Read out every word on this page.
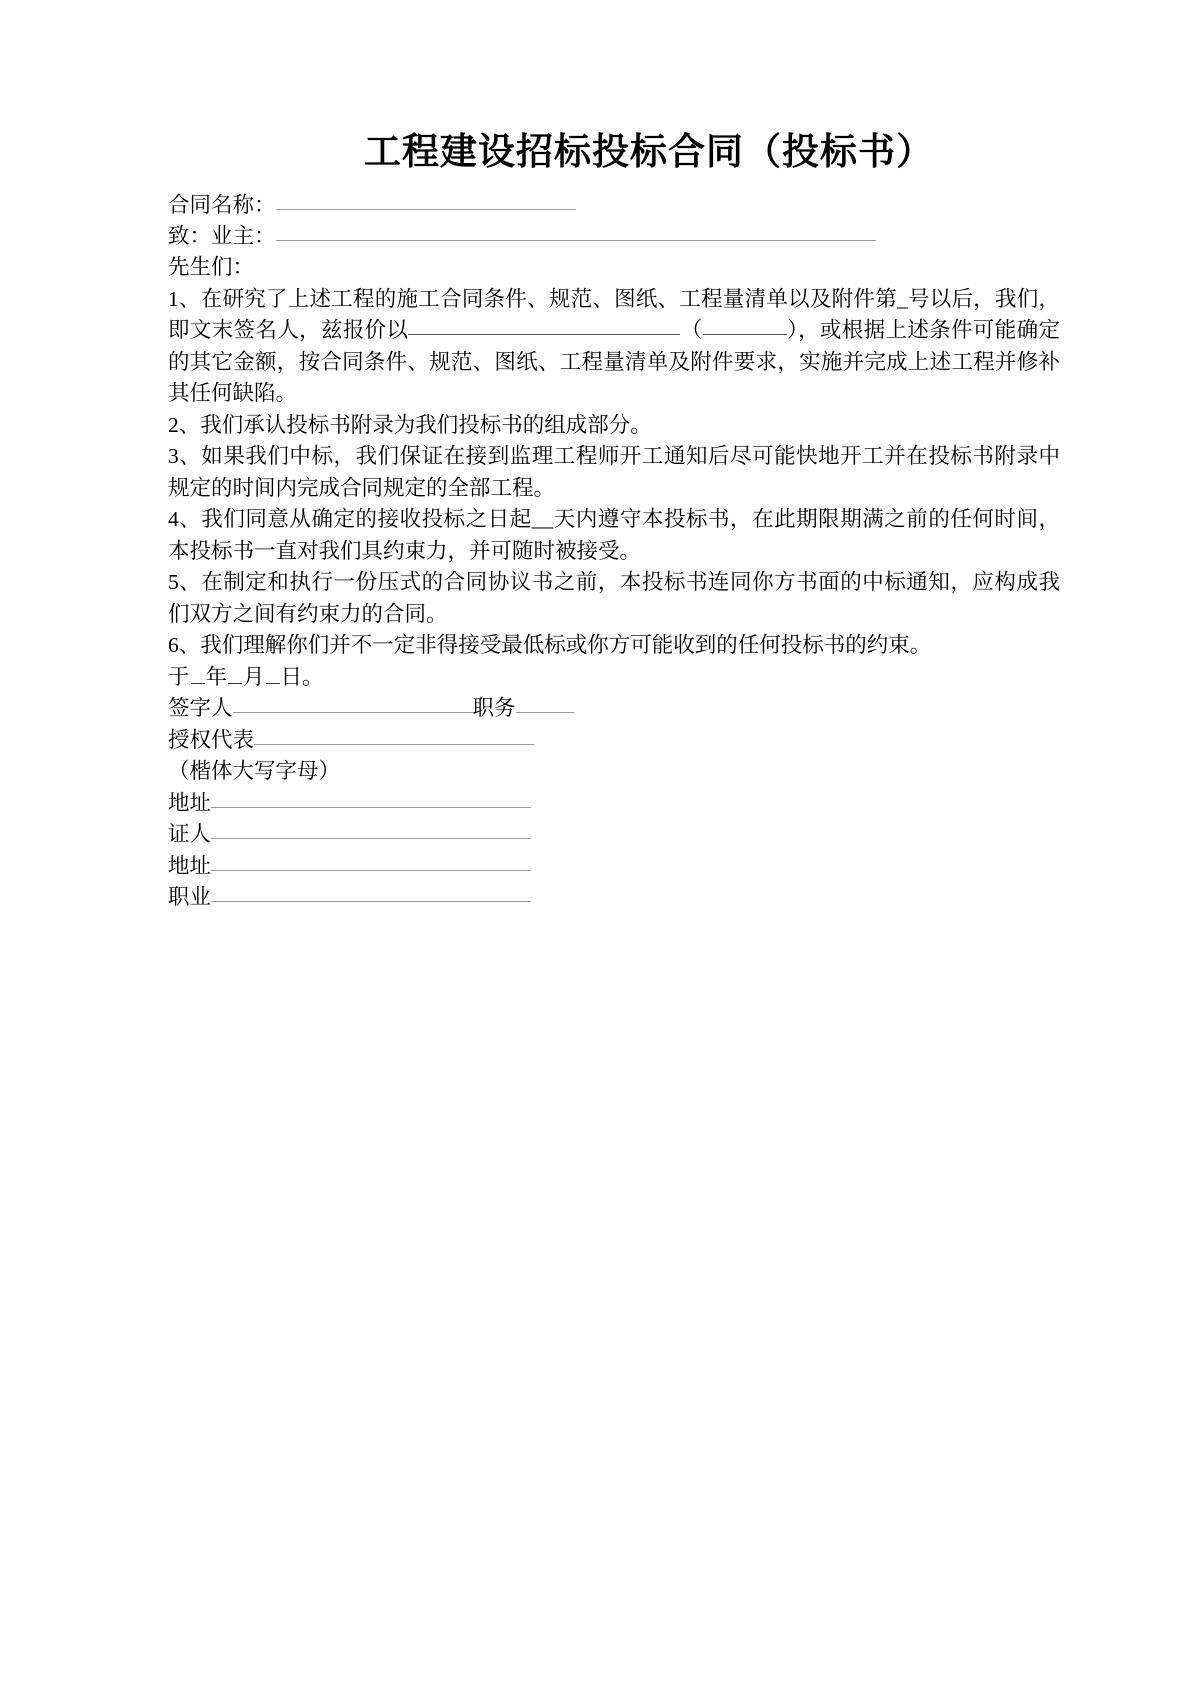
工程建设招标投标合同（投标书）
合同名称：
致：业主：
先生们：
1、在研究了上述工程的施工合同条件、规范、图纸、工程量清单以及附件第_号以后，我们，即文末签名人，兹报价以	（	），或根据上述条件可能确定的其它金额，按合同条件、规范、图纸、工程量清单及附件要求，实施并完成上述工程并修补其任何缺陷。
2、我们承认投标书附录为我们投标书的组成部分。
3、如果我们中标，我们保证在接到监理工程师开工通知后尽可能快地开工并在投标书附录中规定的时间内完成合同规定的全部工程。
4、我们同意从确定的接收投标之日起__天内遵守本投标书，在此期限期满之前的任何时间，本投标书一直对我们具约束力，并可随时被接受。
5、在制定和执行一份压式的合同协议书之前，本投标书连同你方书面的中标通知，应构成我们双方之间有约束力的合同。
6、我们理解你们并不一定非得接受最低标或你方可能收到的任何投标书的约束。
于 年 月 日。
签字人	职务
授权代表
（楷体大写字母）
地址
证人
地址
职业
